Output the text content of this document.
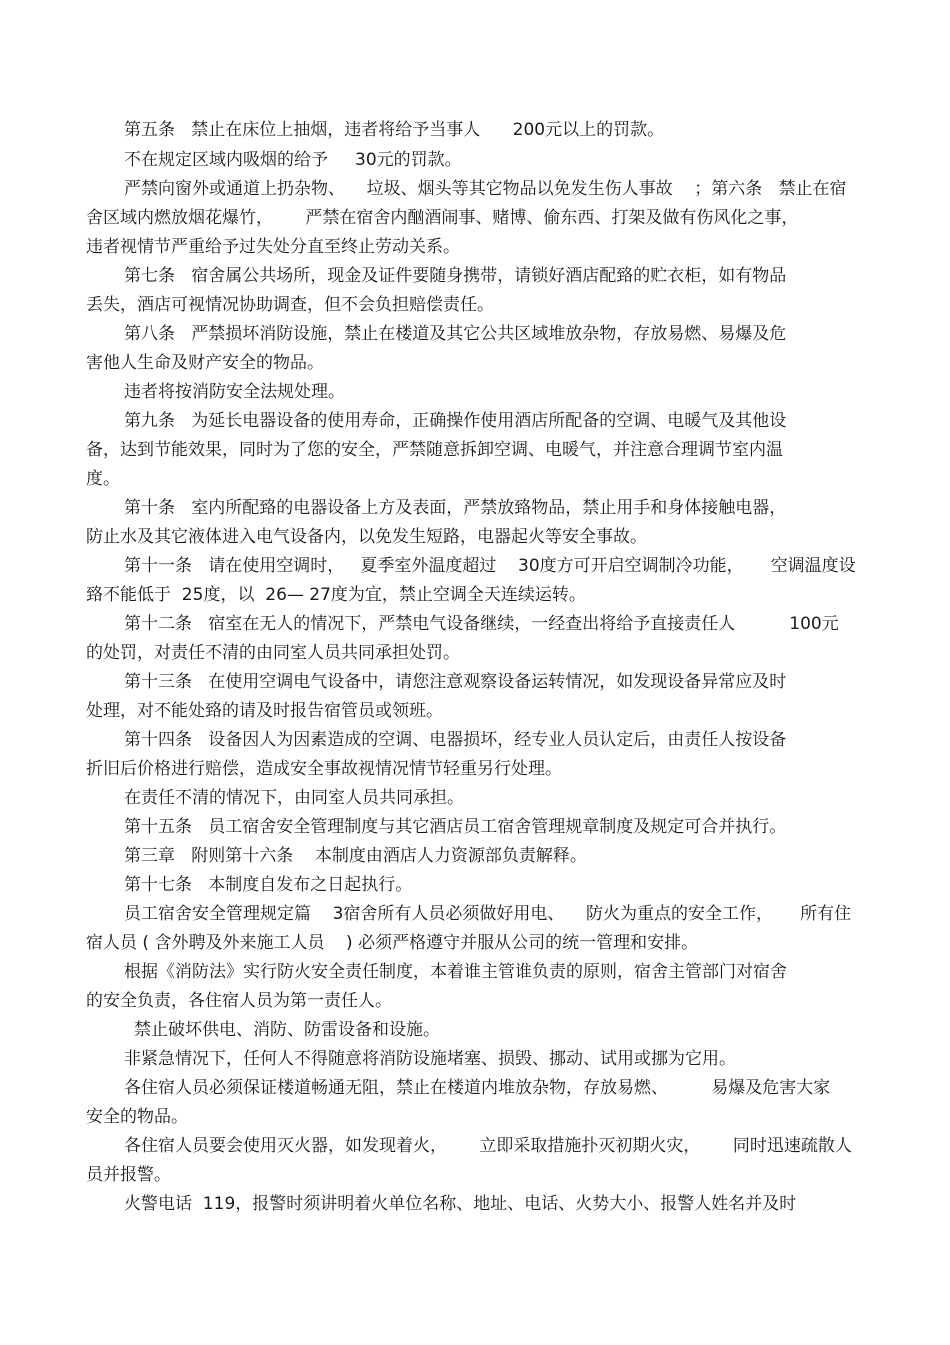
第五条   禁止在床位上抽烟，违者将给予当事人      200元以上的罚款。
不在规定区域内吸烟的给予     30元的罚款。
严禁向窗外或通道上扔杂物、    垃圾、烟头等其它物品以免发生伤人事故    ；第六条   禁止在宿
舍区域内燃放烟花爆竹，      严禁在宿舍内酗酒闹事、赌博、偷东西、打架及做有伤风化之事，
违者视情节严重给予过失处分直至终止劳动关系。
第七条   宿舍属公共场所，现金及证件要随身携带，请锁好酒店配臵的贮衣柜，如有物品
丢失，酒店可视情况协助调查，但不会负担赔偿责任。
第八条   严禁损坏消防设施，禁止在楼道及其它公共区域堆放杂物，存放易燃、易爆及危
害他人生命及财产安全的物品。
违者将按消防安全法规处理。
第九条   为延长电器设备的使用寿命，正确操作使用酒店所配备的空调、电暖气及其他设
备，达到节能效果，同时为了您的安全，严禁随意拆卸空调、电暖气，并注意合理调节室内温
度。
第十条   室内所配臵的电器设备上方及表面，严禁放臵物品，禁止用手和身体接触电器，
防止水及其它液体进入电气设备内，以免发生短路，电器起火等安全事故。
第十一条   请在使用空调时，   夏季室外温度超过    30度方可开启空调制冷功能，     空调温度设
臵不能低于  25度，以  26— 27度为宜，禁止空调全天连续运转。
第十二条   宿室在无人的情况下，严禁电气设备继续，一经查出将给予直接责任人          100元
的处罚，对责任不清的由同室人员共同承担处罚。
第十三条   在使用空调电气设备中，请您注意观察设备运转情况，如发现设备异常应及时
处理，对不能处臵的请及时报告宿管员或领班。
第十四条   设备因人为因素造成的空调、电器损坏，经专业人员认定后，由责任人按设备
折旧后价格进行赔偿，造成安全事故视情况情节轻重另行处理。
在责任不清的情况下，由同室人员共同承担。
第十五条   员工宿舍安全管理制度与其它酒店员工宿舍管理规章制度及规定可合并执行。
第三章   附则第十六条    本制度由酒店人力资源部负责解释。
第十七条   本制度自发布之日起执行。
员工宿舍安全管理规定篇    3宿舍所有人员必须做好用电、    防火为重点的安全工作，     所有住
宿人员 ( 含外聘及外来施工人员    ) 必须严格遵守并服从公司的统一管理和安排。
根据《消防法》实行防火安全责任制度，本着谁主管谁负责的原则，宿舍主管部门对宿舍
的安全负责，各住宿人员为第一责任人。
禁止破坏供电、消防、防雷设备和设施。
非紧急情况下，任何人不得随意将消防设施堵塞、损毁、挪动、试用或挪为它用。
各住宿人员必须保证楼道畅通无阻，禁止在楼道内堆放杂物，存放易燃、        易爆及危害大家
安全的物品。
各住宿人员要会使用灭火器，如发现着火，      立即采取措施扑灭初期火灾，      同时迅速疏散人
员并报警。
火警电话  119，报警时须讲明着火单位名称、地址、电话、火势大小、报警人姓名并及时
